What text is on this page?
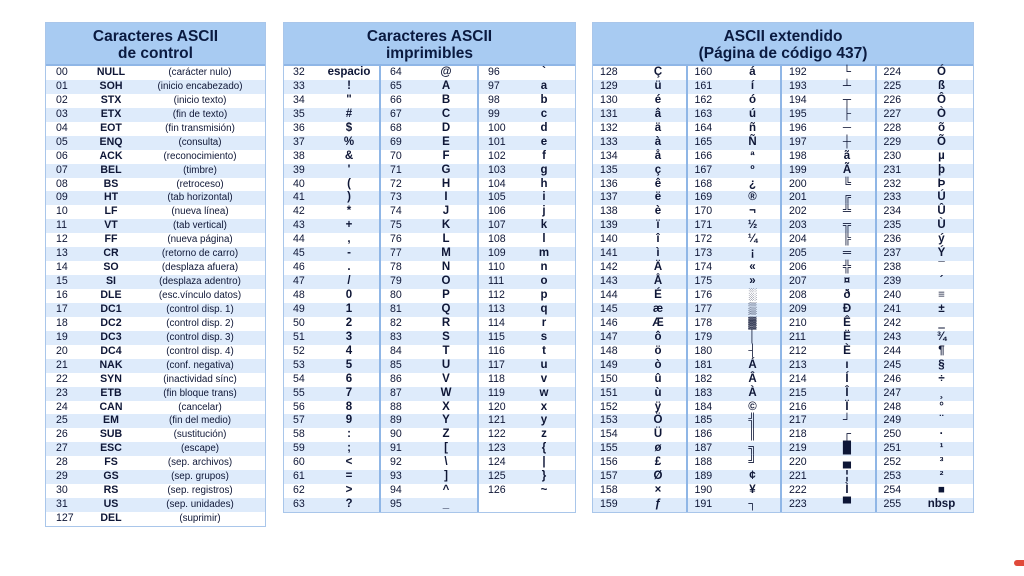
Caracteres ASCII
de control
00	NULL	(carácter nulo)
01	SOH	(inicio encabezado)
02	STX	(inicio texto)
03	ETX	(fin de texto)
04	EOT	(fin transmisión)
05	ENQ	(consulta)
06	ACK	(reconocimiento)
07	BEL	(timbre)
08	BS	(retroceso)
09	HT	(tab horizontal)
10	LF	(nueva línea)
11	VT	(tab vertical)
12	FF	(nueva página)
13	CR	(retorno de carro)
14	SO	(desplaza afuera)
15	SI	(desplaza adentro)
16	DLE	(esc.vínculo datos)
17	DC1	(control disp. 1)
18	DC2	(control disp. 2)
19	DC3	(control disp. 3)
20	DC4	(control disp. 4)
21	NAK	(conf. negativa)
22	SYN	(inactividad sínc)
23	ETB	(fin bloque trans)
24	CAN	(cancelar)
25	EM	(fin del medio)
26	SUB	(sustitución)
27	ESC	(escape)
28	FS	(sep. archivos)
29	GS	(sep. grupos)
30	RS	(sep. registros)
31	US	(sep. unidades)
127	DEL	(suprimir)
Caracteres ASCII
imprimibles
32	espacio
33	!
34	"
35	#
36	$
37	%
38	&
39	'
40	(
41	)
42	*
43	+
44	,
45	-
46	.
47	/
48	0
49	1
50	2
51	3
52	4
53	5
54	6
55	7
56	8
57	9
58	:
59	;
60	<
61	=
62	>
63	?
64	@
65	A
66	B
67	C
68	D
69	E
70	F
71	G
72	H
73	I
74	J
75	K
76	L
77	M
78	N
79	O
80	P
81	Q
82	R
83	S
84	T
85	U
86	V
87	W
88	X
89	Y
90	Z
91	[
92	\
93	]
94	^
95	_
96	`
97	a
98	b
99	c
100	d
101	e
102	f
103	g
104	h
105	i
106	j
107	k
108	l
109	m
110	n
111	o
112	p
113	q
114	r
115	s
116	t
117	u
118	v
119	w
120	x
121	y
122	z
123	{
124	|
125	}
126	~
ASCII extendido
(Página de código 437)
128	Ç
129	ü
130	é
131	â
132	ä
133	à
134	å
135	ç
136	ê
137	ë
138	è
139	ï
140	î
141	ì
142	Ä
143	Å
144	É
145	æ
146	Æ
147	ô
148	ö
149	ò
150	û
151	ù
152	ÿ
153	Ö
154	Ü
155	ø
156	£
157	Ø
158	×
159	ƒ
160	á
161	í
162	ó
163	ú
164	ñ
165	Ñ
166	ª
167	º
168	¿
169	®
170	¬
171	½
172	¼
173	¡
174	«
175	»
176	░
177	▒
178	▓
179	│
180	┤
181	Á
182	Â
183	À
184	©
185	╣
186	║
187	╗
188	╝
189	¢
190	¥
191	┐
192	└
193	┴
194	┬
195	├
196	─
197	┼
198	ã
199	Ã
200	╚
201	╔
202	╩
203	╦
204	╠
205	═
206	╬
207	¤
208	ð
209	Ð
210	Ê
211	Ë
212	È
213	ı
214	Í
215	Î
216	Ï
217	┘
218	┌
219	█
220	▄
221	¦
222	Ì
223	▀
224	Ó
225	ß
226	Ô
227	Ò
228	õ
229	Õ
230	µ
231	þ
232	Þ
233	Ú
234	Û
235	Ù
236	ý
237	Ý
238	¯
239	´
240	≡
241	±
242	‗
243	¾
244	¶
245	§
246	÷
247	¸
248	°
249	¨
250	·
251	¹
252	³
253	²
254	■
255	nbsp
